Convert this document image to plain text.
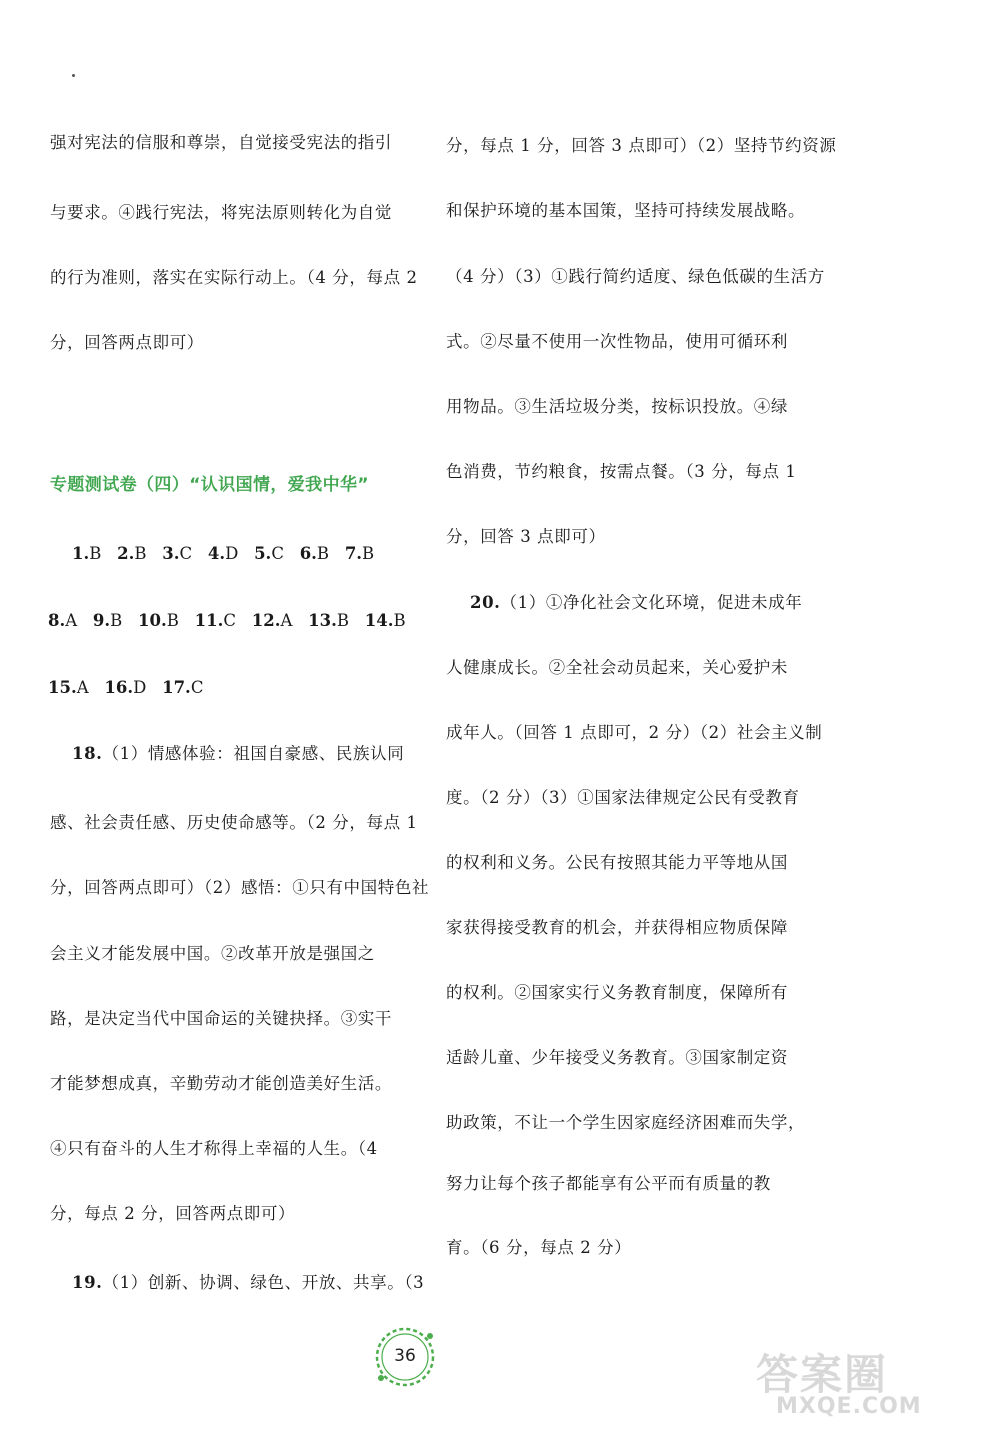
强对宪法的信服和尊崇，自觉接受宪法的指引
与要求。④践行宪法，将宪法原则转化为自觉
的行为准则，落实在实际行动上。（4 分，每点 2
分，回答两点即可）
专题测试卷（四）“认识国情，爱我中华”
1.B 2.B 3.C 4.D 5.C 6.B 7.B
8.A 9.B 10.B 11.C 12.A 13.B 14.B
15.A 16.D 17.C
18.（1）情感体验：祖国自豪感、民族认同
感、社会责任感、历史使命感等。（2 分，每点 1
分，回答两点即可）（2）感悟：①只有中国特色社
会主义才能发展中国。②改革开放是强国之
路，是决定当代中国命运的关键抉择。③实干
才能梦想成真，辛勤劳动才能创造美好生活。
④只有奋斗的人生才称得上幸福的人生。（4
分，每点 2 分，回答两点即可）
19.（1）创新、协调、绿色、开放、共享。（3
分，每点 1 分，回答 3 点即可）（2）坚持节约资源
和保护环境的基本国策，坚持可持续发展战略。
（4 分）（3）①践行简约适度、绿色低碳的生活方
式。②尽量不使用一次性物品，使用可循环利
用物品。③生活垃圾分类，按标识投放。④绿
色消费，节约粮食，按需点餐。（3 分，每点 1
分，回答 3 点即可）
20.（1）①净化社会文化环境，促进未成年
人健康成长。②全社会动员起来，关心爱护未
成年人。（回答 1 点即可，2 分）（2）社会主义制
度。（2 分）（3）①国家法律规定公民有受教育
的权利和义务。公民有按照其能力平等地从国
家获得接受教育的机会，并获得相应物质保障
的权利。②国家实行义务教育制度，保障所有
适龄儿童、少年接受义务教育。③国家制定资
助政策，不让一个学生因家庭经济困难而失学，
努力让每个孩子都能享有公平而有质量的教
育。（6 分，每点 2 分）
36	答案圈
MXQE.COM
